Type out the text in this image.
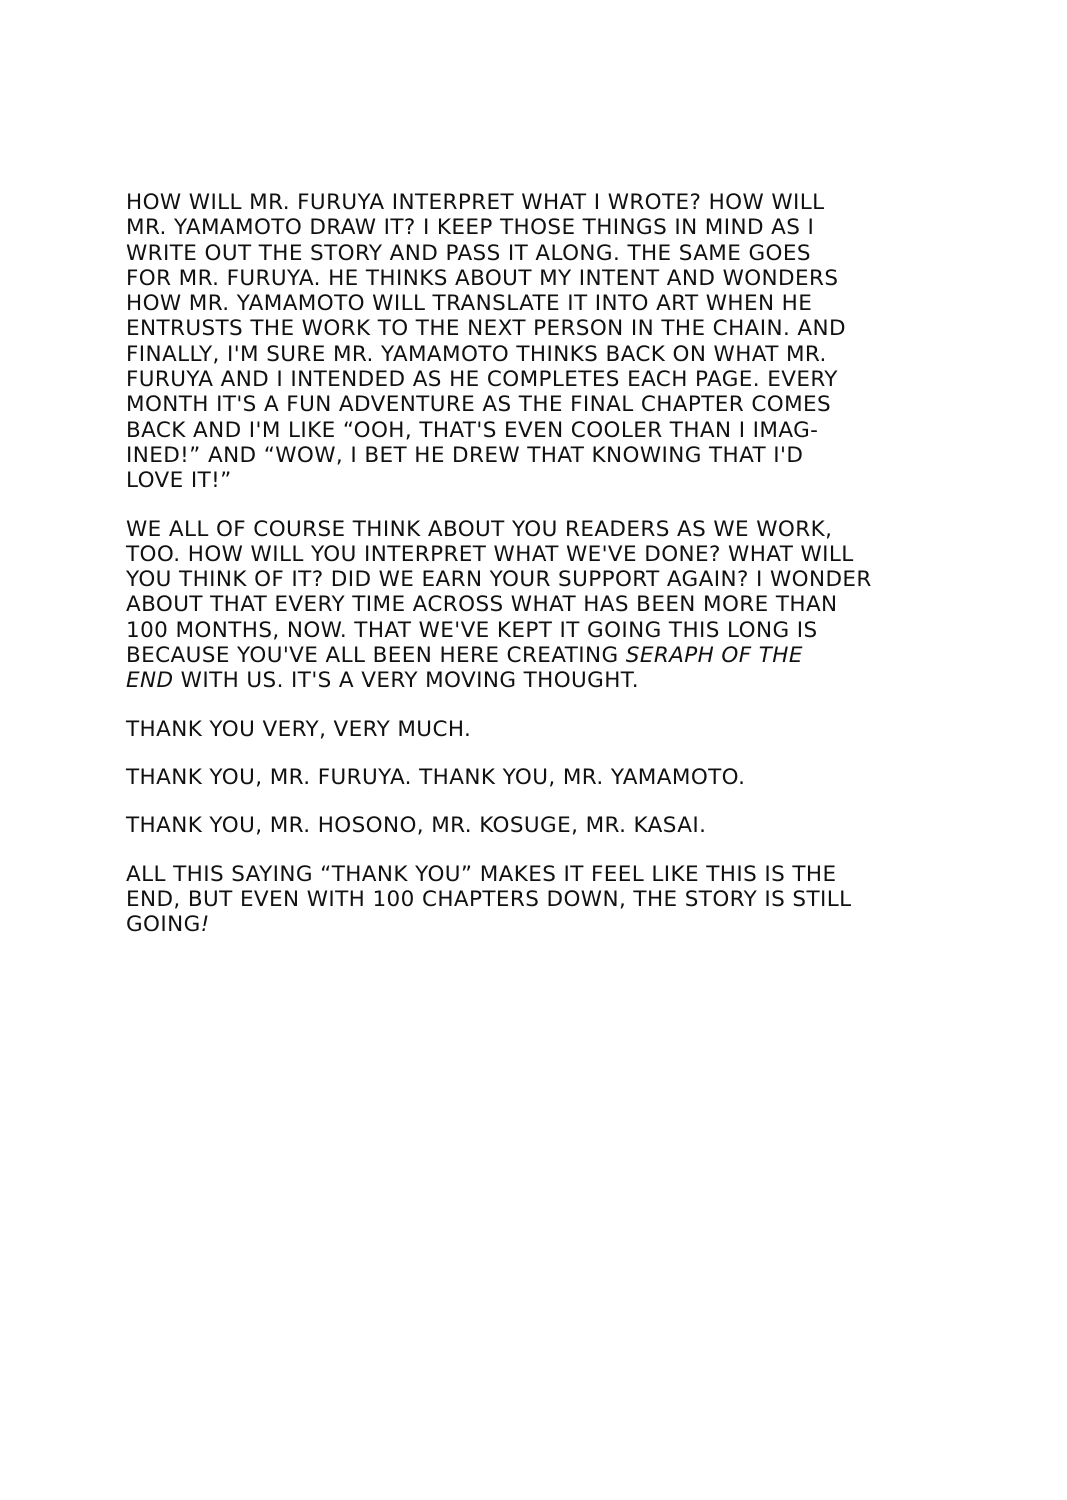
HOW WILL MR. FURUYA INTERPRET WHAT I WROTE? HOW WILL
MR. YAMAMOTO DRAW IT? I KEEP THOSE THINGS IN MIND AS I
WRITE OUT THE STORY AND PASS IT ALONG. THE SAME GOES
FOR MR. FURUYA. HE THINKS ABOUT MY INTENT AND WONDERS
HOW MR. YAMAMOTO WILL TRANSLATE IT INTO ART WHEN HE
ENTRUSTS THE WORK TO THE NEXT PERSON IN THE CHAIN. AND
FINALLY, I'M SURE MR. YAMAMOTO THINKS BACK ON WHAT MR.
FURUYA AND I INTENDED AS HE COMPLETES EACH PAGE. EVERY
MONTH IT'S A FUN ADVENTURE AS THE FINAL CHAPTER COMES
BACK AND I'M LIKE “OOH, THAT'S EVEN COOLER THAN I IMAG-
INED!” AND “WOW, I BET HE DREW THAT KNOWING THAT I'D
LOVE IT!”

WE ALL OF COURSE THINK ABOUT YOU READERS AS WE WORK,
TOO. HOW WILL YOU INTERPRET WHAT WE'VE DONE? WHAT WILL
YOU THINK OF IT? DID WE EARN YOUR SUPPORT AGAIN? I WONDER
ABOUT THAT EVERY TIME ACROSS WHAT HAS BEEN MORE THAN
100 MONTHS, NOW. THAT WE'VE KEPT IT GOING THIS LONG IS
BECAUSE YOU'VE ALL BEEN HERE CREATING SERAPH OF THE
END WITH US. IT'S A VERY MOVING THOUGHT.

THANK YOU VERY, VERY MUCH.

THANK YOU, MR. FURUYA. THANK YOU, MR. YAMAMOTO.

THANK YOU, MR. HOSONO, MR. KOSUGE, MR. KASAI.

ALL THIS SAYING “THANK YOU” MAKES IT FEEL LIKE THIS IS THE
END, BUT EVEN WITH 100 CHAPTERS DOWN, THE STORY IS STILL
GOING!
